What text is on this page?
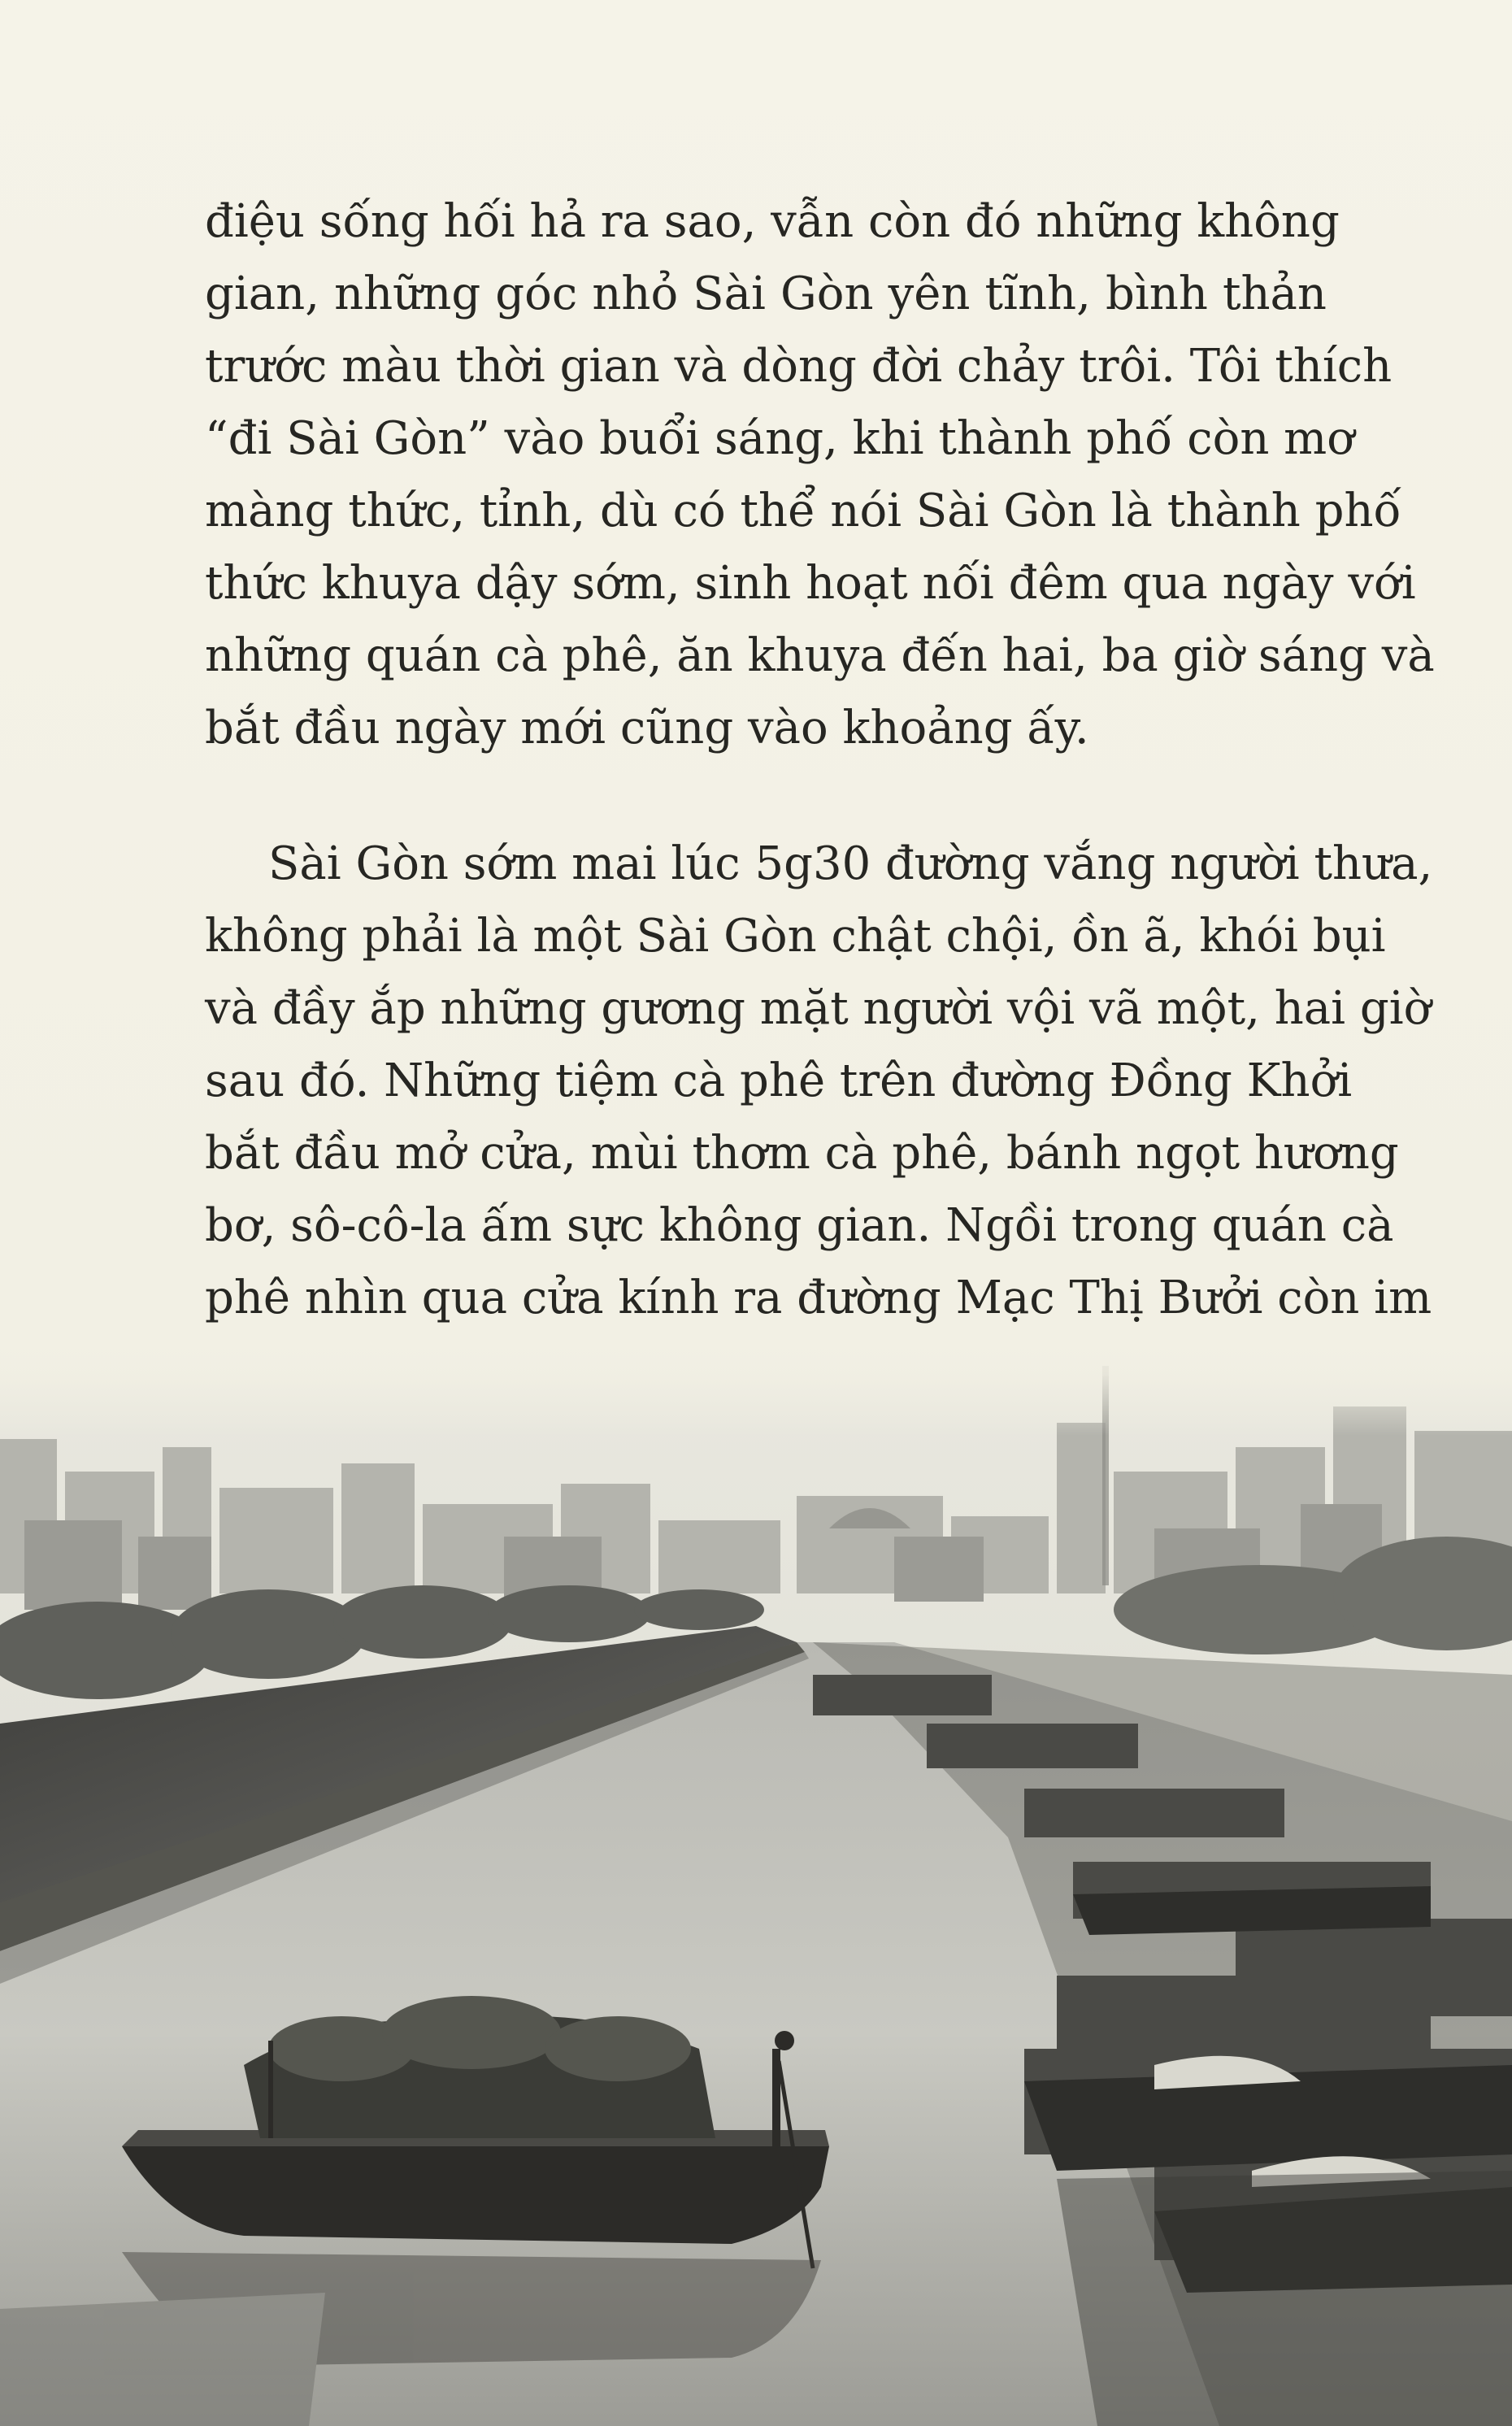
điệu sống hối hả ra sao, vẫn còn đó những không
gian, những góc nhỏ Sài Gòn yên tĩnh, bình thản
trước màu thời gian và dòng đời chảy trôi. Tôi thích
“đi Sài Gòn” vào buổi sáng, khi thành phố còn mơ
màng thức, tỉnh, dù có thể nói Sài Gòn là thành phố
thức khuya dậy sớm, sinh hoạt nối đêm qua ngày với
những quán cà phê, ăn khuya đến hai, ba giờ sáng và
bắt đầu ngày mới cũng vào khoảng ấy.
Sài Gòn sớm mai lúc 5g30 đường vắng người thưa,
không phải là một Sài Gòn chật chội, ồn ã, khói bụi
và đầy ắp những gương mặt người vội vã một, hai giờ
sau đó. Những tiệm cà phê trên đường Đồng Khởi
bắt đầu mở cửa, mùi thơm cà phê, bánh ngọt hương
bơ, sô-cô-la ấm sực không gian. Ngồi trong quán cà
phê nhìn qua cửa kính ra đường Mạc Thị Bưởi còn im
